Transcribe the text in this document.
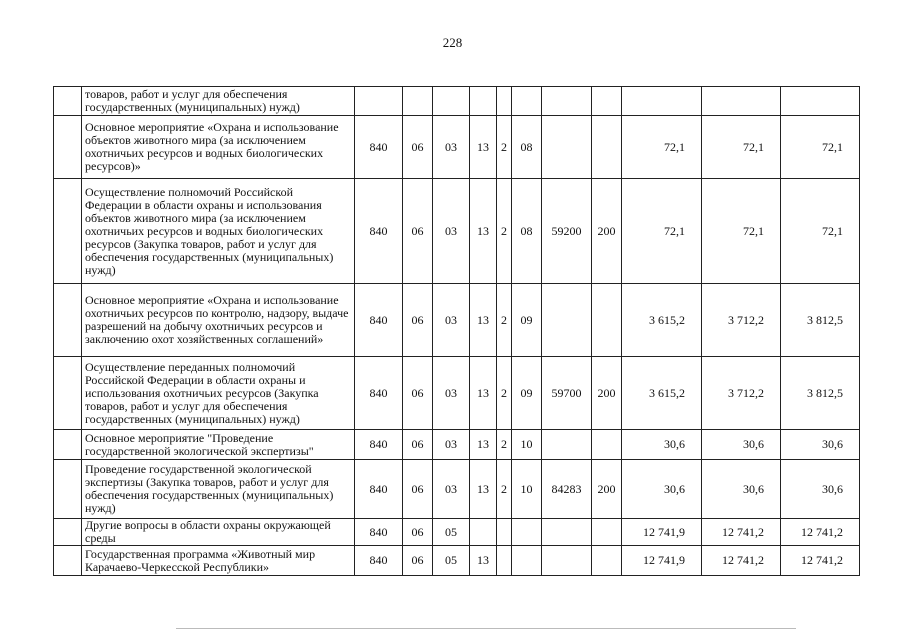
228
	товаров, работ и услуг для обеспечения государственных (муниципальных) нужд)											
	Основное мероприятие «Охрана и использование объектов животного мира (за исключением охотничьих ресурсов и водных биологических ресурсов)»	840	06	03	13	2	08			72,1	72,1	72,1
	Осуществление полномочий Российской Федерации в области охраны и использования объектов животного мира (за исключением охотничьих ресурсов и водных биологических ресурсов (Закупка товаров, работ и услуг для обеспечения государственных (муниципальных) нужд)	840	06	03	13	2	08	59200	200	72,1	72,1	72,1
	Основное мероприятие «Охрана и использование охотничьих ресурсов по контролю, надзору, выдаче разрешений на добычу охотничьих ресурсов и заключению охот хозяйственных соглашений»	840	06	03	13	2	09			3 615,2	3 712,2	3 812,5
	Осуществление переданных полномочий Российской Федерации в области охраны и использования охотничьих ресурсов (Закупка товаров, работ и услуг для обеспечения государственных (муниципальных) нужд)	840	06	03	13	2	09	59700	200	3 615,2	3 712,2	3 812,5
	Основное мероприятие "Проведение государственной экологической экспертизы"	840	06	03	13	2	10			30,6	30,6	30,6
	Проведение государственной экологической экспертизы (Закупка товаров, работ и услуг для обеспечения государственных (муниципальных) нужд)	840	06	03	13	2	10	84283	200	30,6	30,6	30,6
	Другие вопросы в области охраны окружающей среды	840	06	05						12 741,9	12 741,2	12 741,2
	Государственная программа «Животный мир Карачаево-Черкесской Республики»	840	06	05	13					12 741,9	12 741,2	12 741,2
